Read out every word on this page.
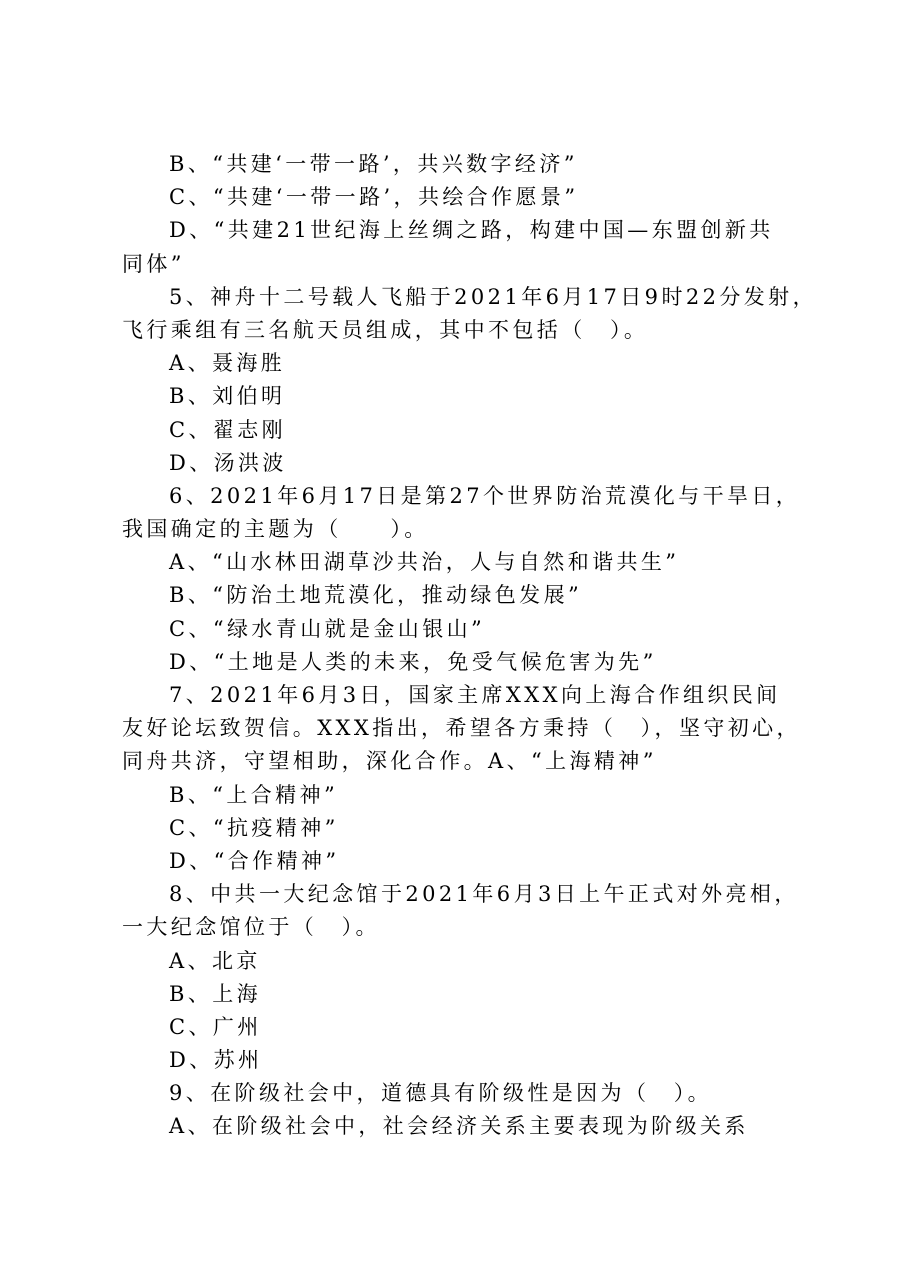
B、“共建‘一带一路’，共兴数字经济”
C、“共建‘一带一路’，共绘合作愿景”
D、“共建21世纪海上丝绸之路，构建中国—东盟创新共
同体”
5、神舟十二号载人飞船于2021年6月17日9时22分发射，
飞行乘组有三名航天员组成，其中不包括（　）。
A、聂海胜
B、刘伯明
C、翟志刚
D、汤洪波
6、2021年6月17日是第27个世界防治荒漠化与干旱日，
我国确定的主题为（　　）。
A、“山水林田湖草沙共治，人与自然和谐共生”
B、“防治土地荒漠化，推动绿色发展”
C、“绿水青山就是金山银山”
D、“土地是人类的未来，免受气候危害为先”
7、2021年6月3日，国家主席XXX向上海合作组织民间
友好论坛致贺信。XXX指出，希望各方秉持（　），坚守初心，
同舟共济，守望相助，深化合作。A、“上海精神”
B、“上合精神”
C、“抗疫精神”
D、“合作精神”
8、中共一大纪念馆于2021年6月3日上午正式对外亮相，
一大纪念馆位于（　）。
A、北京
B、上海
C、广州
D、苏州
9、在阶级社会中，道德具有阶级性是因为（　）。
A、在阶级社会中，社会经济关系主要表现为阶级关系
